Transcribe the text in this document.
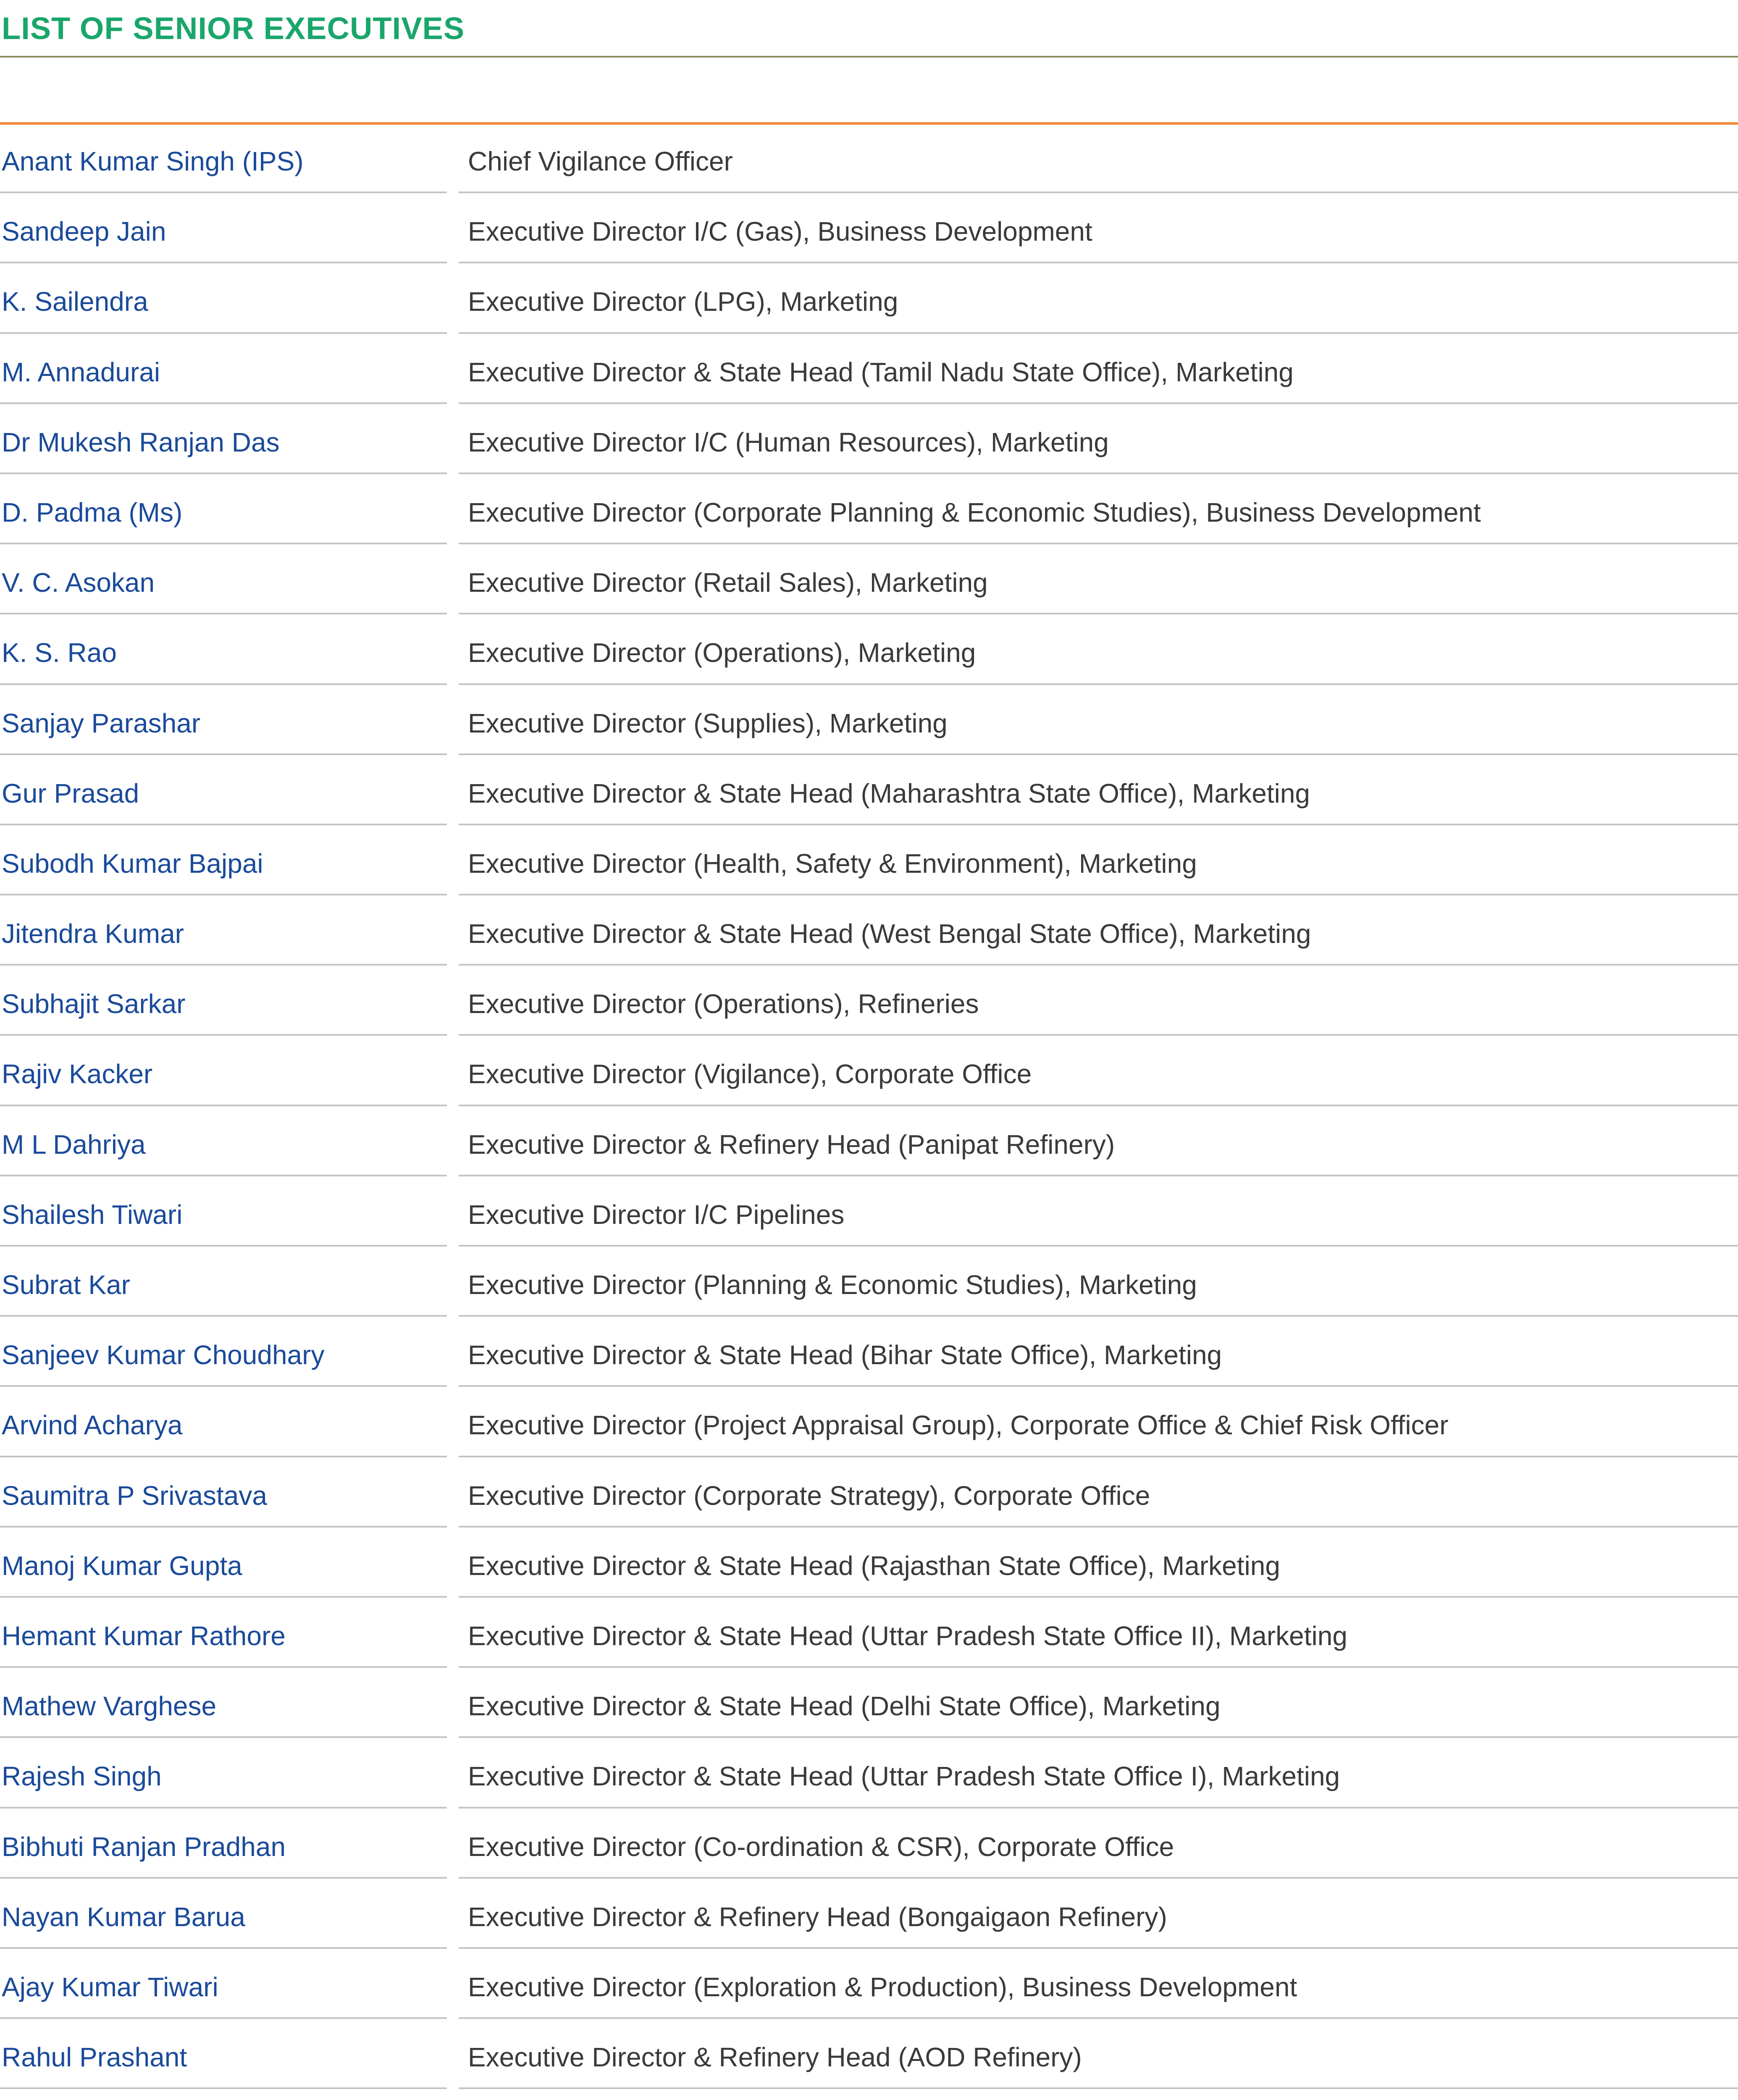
LIST OF SENIOR EXECUTIVES
Anant Kumar Singh (IPS)	Chief Vigilance Officer
Sandeep Jain	Executive Director I/C (Gas), Business Development
K. Sailendra	Executive Director (LPG), Marketing
M. Annadurai	Executive Director & State Head (Tamil Nadu State Office), Marketing
Dr Mukesh Ranjan Das	Executive Director I/C (Human Resources), Marketing
D. Padma (Ms)	Executive Director (Corporate Planning & Economic Studies), Business Development
V. C. Asokan	Executive Director (Retail Sales), Marketing
K. S. Rao	Executive Director (Operations), Marketing
Sanjay Parashar	Executive Director (Supplies), Marketing
Gur Prasad	Executive Director & State Head (Maharashtra State Office), Marketing
Subodh Kumar Bajpai	Executive Director (Health, Safety & Environment), Marketing
Jitendra Kumar	Executive Director & State Head (West Bengal State Office), Marketing
Subhajit Sarkar	Executive Director (Operations), Refineries
Rajiv Kacker	Executive Director (Vigilance), Corporate Office
M L Dahriya	Executive Director & Refinery Head (Panipat Refinery)
Shailesh Tiwari	Executive Director I/C Pipelines
Subrat Kar	Executive Director (Planning & Economic Studies), Marketing
Sanjeev Kumar Choudhary	Executive Director & State Head (Bihar State Office), Marketing
Arvind Acharya	Executive Director (Project Appraisal Group), Corporate Office & Chief Risk Officer
Saumitra P Srivastava	Executive Director (Corporate Strategy), Corporate Office
Manoj Kumar Gupta	Executive Director & State Head (Rajasthan State Office), Marketing
Hemant Kumar Rathore	Executive Director & State Head (Uttar Pradesh State Office II), Marketing
Mathew Varghese	Executive Director & State Head (Delhi State Office), Marketing
Rajesh Singh	Executive Director & State Head (Uttar Pradesh State Office I), Marketing
Bibhuti Ranjan Pradhan	Executive Director (Co-ordination & CSR), Corporate Office
Nayan Kumar Barua	Executive Director & Refinery Head (Bongaigaon Refinery)
Ajay Kumar Tiwari	Executive Director (Exploration & Production), Business Development
Rahul Prashant	Executive Director & Refinery Head (AOD Refinery)
